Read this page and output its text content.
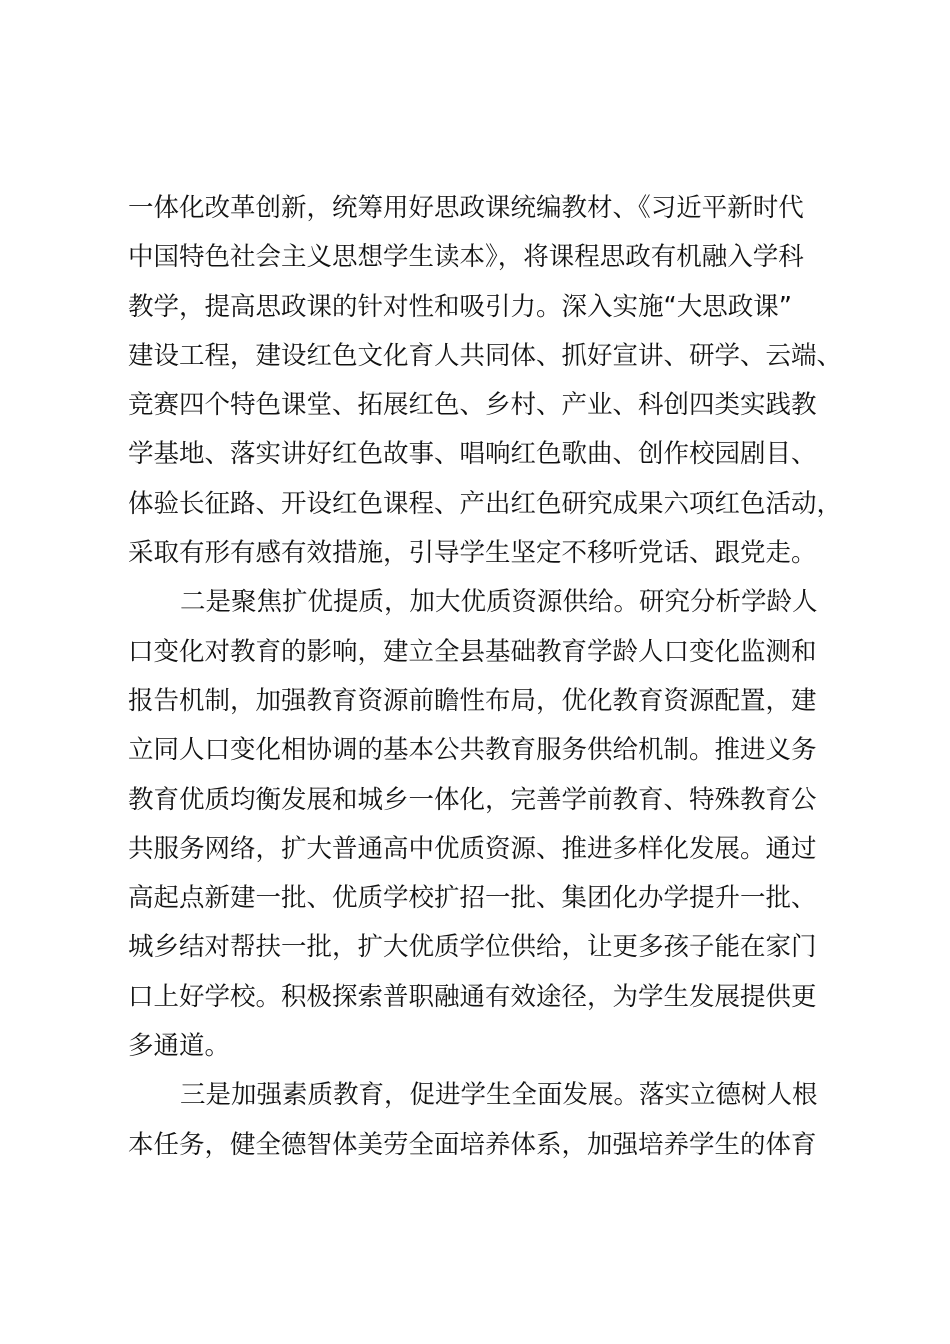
一体化改革创新，统筹用好思政课统编教材、《习近平新时代
中国特色社会主义思想学生读本》，将课程思政有机融入学科
教学，提高思政课的针对性和吸引力。深入实施“大思政课”
建设工程，建设红色文化育人共同体、抓好宣讲、研学、云端、
竞赛四个特色课堂、拓展红色、乡村、产业、科创四类实践教
学基地、落实讲好红色故事、唱响红色歌曲、创作校园剧目、
体验长征路、开设红色课程、产出红色研究成果六项红色活动，
采取有形有感有效措施，引导学生坚定不移听党话、跟党走。
二是聚焦扩优提质，加大优质资源供给。研究分析学龄人
口变化对教育的影响，建立全县基础教育学龄人口变化监测和
报告机制，加强教育资源前瞻性布局，优化教育资源配置，建
立同人口变化相协调的基本公共教育服务供给机制。推进义务
教育优质均衡发展和城乡一体化，完善学前教育、特殊教育公
共服务网络，扩大普通高中优质资源、推进多样化发展。通过
高起点新建一批、优质学校扩招一批、集团化办学提升一批、
城乡结对帮扶一批，扩大优质学位供给，让更多孩子能在家门
口上好学校。积极探索普职融通有效途径，为学生发展提供更
多通道。
三是加强素质教育，促进学生全面发展。落实立德树人根
本任务，健全德智体美劳全面培养体系，加强培养学生的体育
